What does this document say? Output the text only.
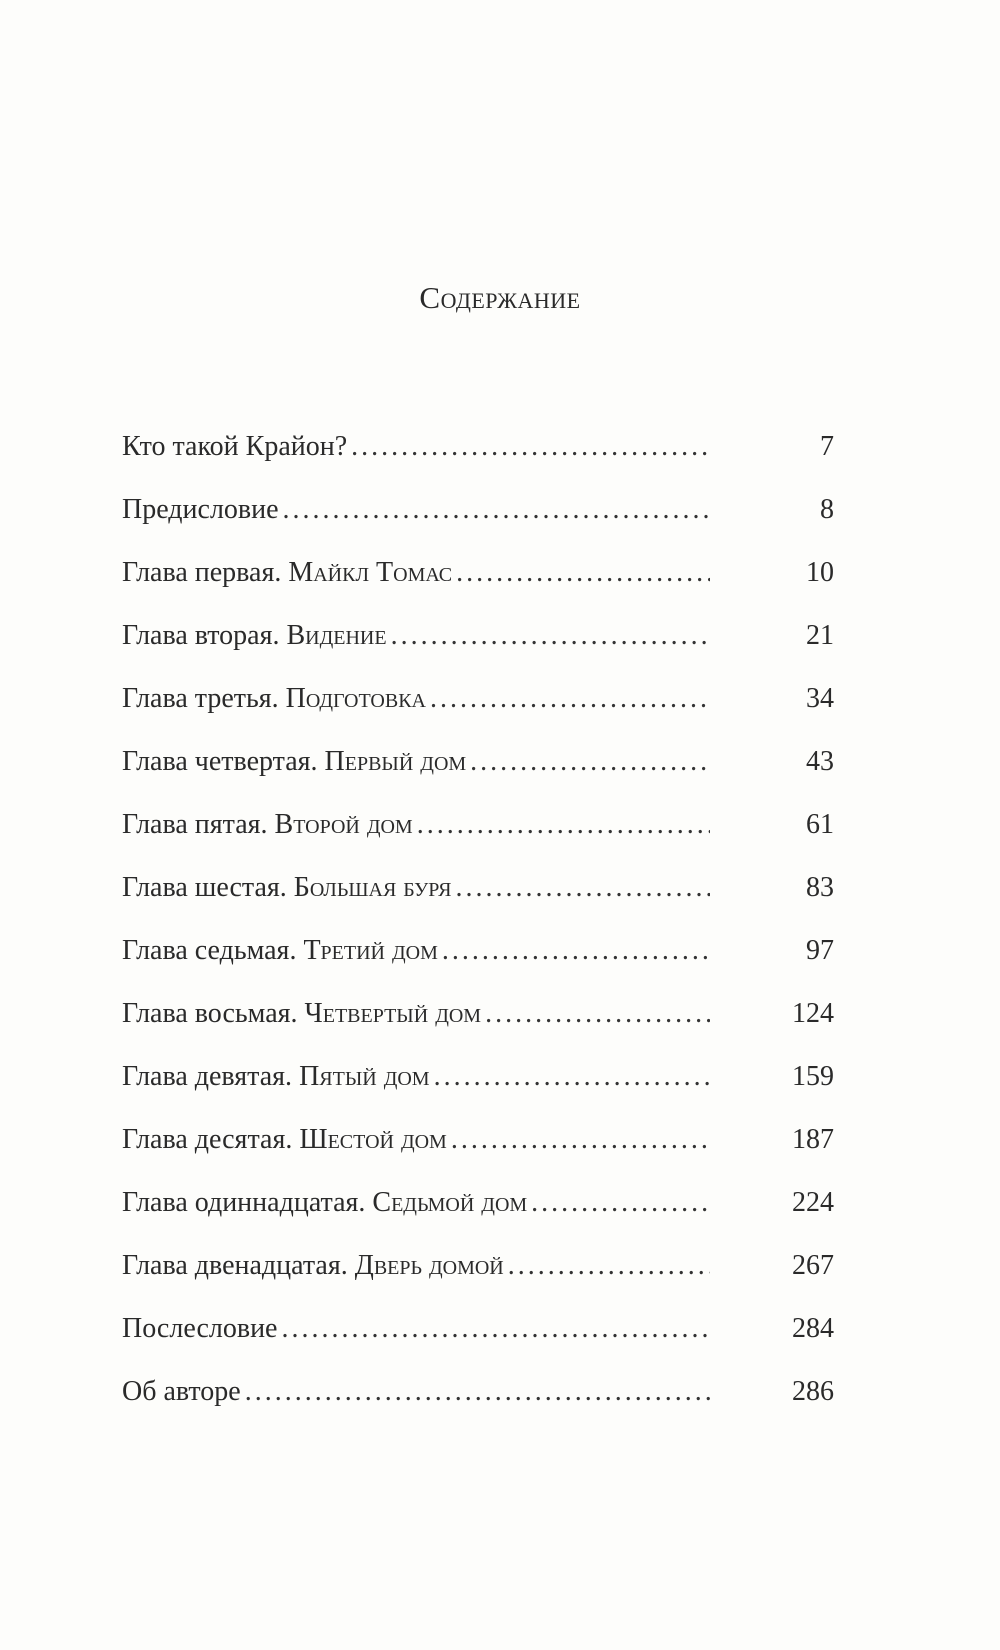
Содержание
Кто такой Крайон? .....	7
Предисловие .....	8
Глава первая. Майкл Томас .....	10
Глава вторая. Видение .....	21
Глава третья. Подготовка .....	34
Глава четвертая. Первый дом .....	43
Глава пятая. Второй дом .....	61
Глава шестая. Большая буря .....	83
Глава седьмая. Третий дом .....	97
Глава восьмая. Четвертый дом .....	124
Глава девятая. Пятый дом .....	159
Глава десятая. Шестой дом .....	187
Глава одиннадцатая. Седьмой дом .....	224
Глава двенадцатая. Дверь домой .....	267
Послесловие .....	284
Об авторе .....	286
